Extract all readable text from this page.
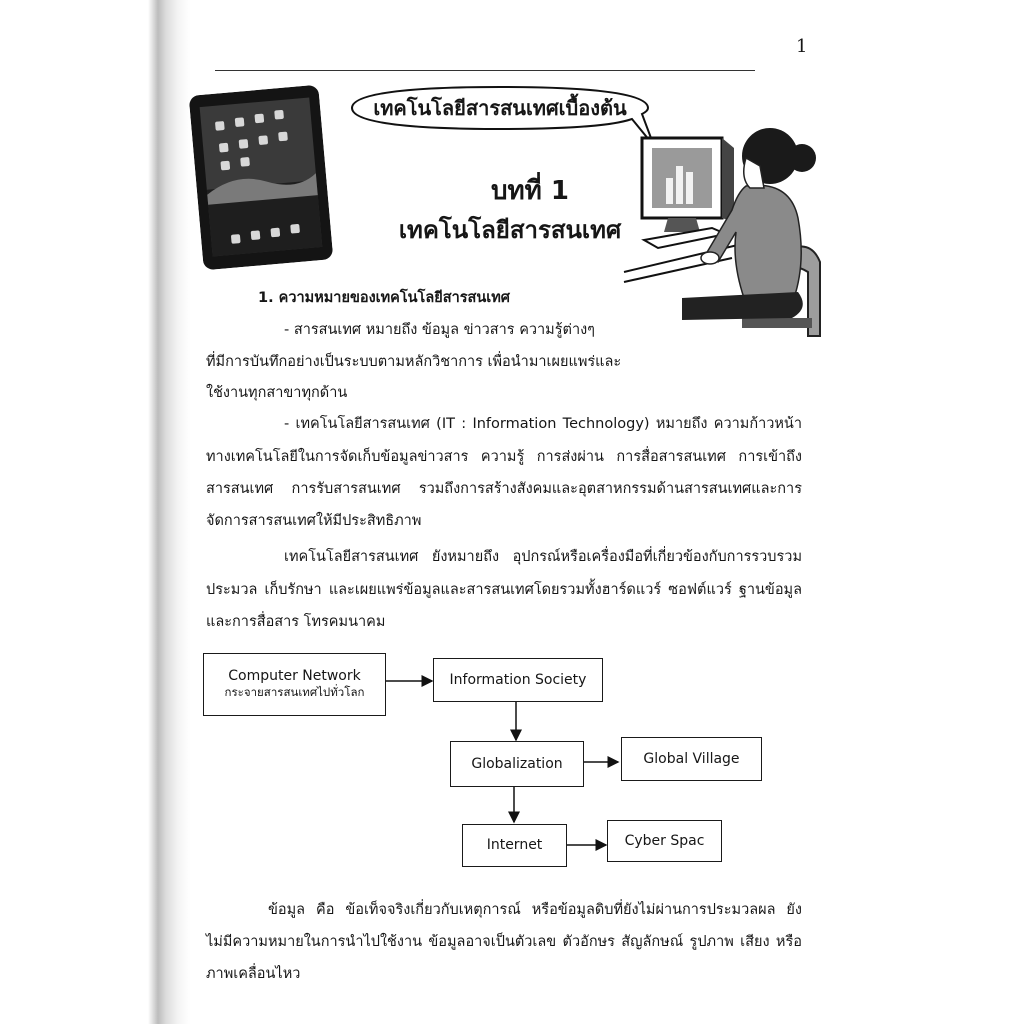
1
เทคโนโลยีสารสนเทศเบื้องต้น
บทที่ 1
เทคโนโลยีสารสนเทศ
1. ความหมายของเทคโนโลยีสารสนเทศ
- สารสนเทศ หมายถึง ข้อมูล ข่าวสาร ความรู้ต่างๆ
ที่มีการบันทึกอย่างเป็นระบบตามหลักวิชาการ เพื่อนำมาเผยแพร่และ
ใช้งานทุกสาขาทุกด้าน
- เทคโนโลยีสารสนเทศ (IT : Information Technology) หมายถึง ความก้าวหน้า
ทางเทคโนโลยีในการจัดเก็บข้อมูลข่าวสาร ความรู้ การส่งผ่าน การสื่อสารสนเทศ การเข้าถึง
สารสนเทศ การรับสารสนเทศ รวมถึงการสร้างสังคมและอุตสาหกรรมด้านสารสนเทศและการ
จัดการสารสนเทศให้มีประสิทธิภาพ
เทคโนโลยีสารสนเทศ ยังหมายถึง อุปกรณ์หรือเครื่องมือที่เกี่ยวข้องกับการรวบรวม
ประมวล เก็บรักษา และเผยแพร่ข้อมูลและสารสนเทศโดยรวมทั้งฮาร์ดแวร์ ซอฟต์แวร์ ฐานข้อมูล
และการสื่อสาร โทรคมนาคม
Computer Network
กระจายสารสนเทศไปทั่วโลก
Information Society
Globalization	Global Village
Internet	Cyber Spac
ข้อมูล คือ ข้อเท็จจริงเกี่ยวกับเหตุการณ์ หรือข้อมูลดิบที่ยังไม่ผ่านการประมวลผล ยัง
ไม่มีความหมายในการนำไปใช้งาน ข้อมูลอาจเป็นตัวเลข ตัวอักษร สัญลักษณ์ รูปภาพ เสียง หรือ
ภาพเคลื่อนไหว
